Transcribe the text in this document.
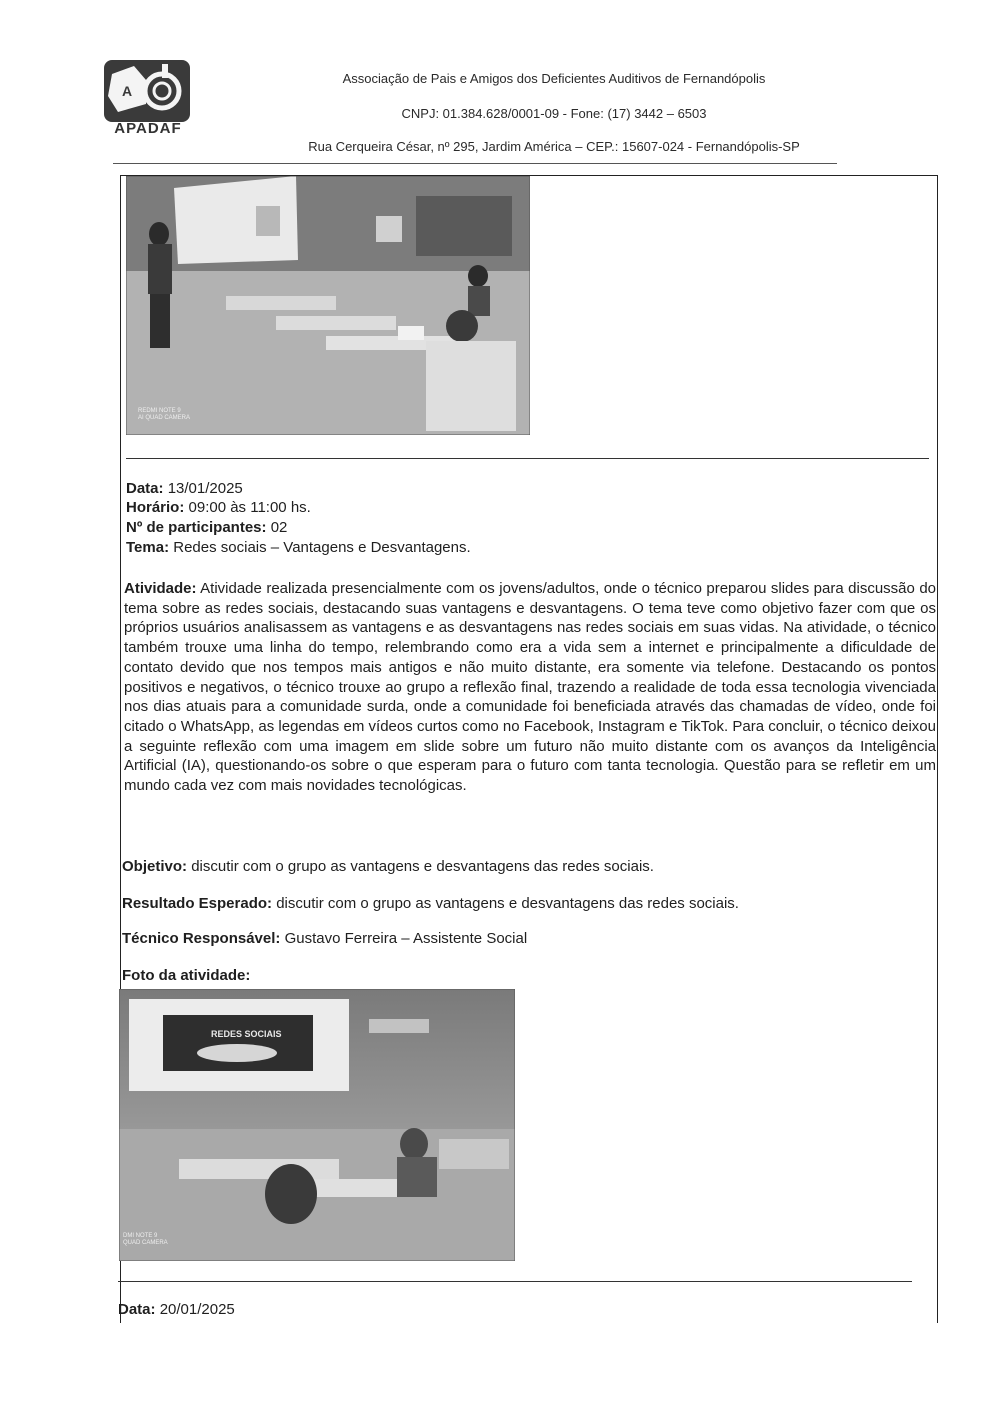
A
APADAF
Associação de Pais e Amigos dos Deficientes Auditivos de Fernandópolis
CNPJ: 01.384.628/0001-09 - Fone: (17) 3442 – 6503
Rua Cerqueira César, nº 295, Jardim América – CEP.: 15607-024 - Fernandópolis-SP
REDMI NOTE 9
AI QUAD CAMERA
Data: 13/01/2025
Horário: 09:00 às 11:00 hs.
Nº de participantes: 02
Tema: Redes sociais – Vantagens e Desvantagens.
Atividade: Atividade realizada presencialmente com os jovens/adultos, onde o técnico preparou slides para discussão do tema sobre as redes sociais, destacando suas vantagens e desvantagens. O tema teve como objetivo fazer com que os próprios usuários analisassem as vantagens e as desvantagens nas redes sociais em suas vidas. Na atividade, o técnico também trouxe uma linha do tempo, relembrando como era a vida sem a internet e principalmente a dificuldade de contato devido que nos tempos mais antigos e não muito distante, era somente via telefone. Destacando os pontos positivos e negativos, o técnico trouxe ao grupo a reflexão final, trazendo a realidade de toda essa tecnologia vivenciada nos dias atuais para a comunidade surda, onde a comunidade foi beneficiada através das chamadas de vídeo, onde foi citado o WhatsApp, as legendas em vídeos curtos como no Facebook, Instagram e TikTok. Para concluir, o técnico deixou a seguinte reflexão com uma imagem em slide sobre um futuro não muito distante com os avanços da Inteligência Artificial (IA), questionando-os sobre o que esperam para o futuro com tanta tecnologia. Questão para se refletir em um mundo cada vez com mais novidades tecnológicas.
Objetivo: discutir com o grupo as vantagens e desvantagens das redes sociais.
Resultado Esperado: discutir com o grupo as vantagens e desvantagens das redes sociais.
Técnico Responsável: Gustavo Ferreira – Assistente Social
Foto da atividade:
REDES SOCIAIS
DMI NOTE 9
QUAD CAMERA
Data: 20/01/2025
